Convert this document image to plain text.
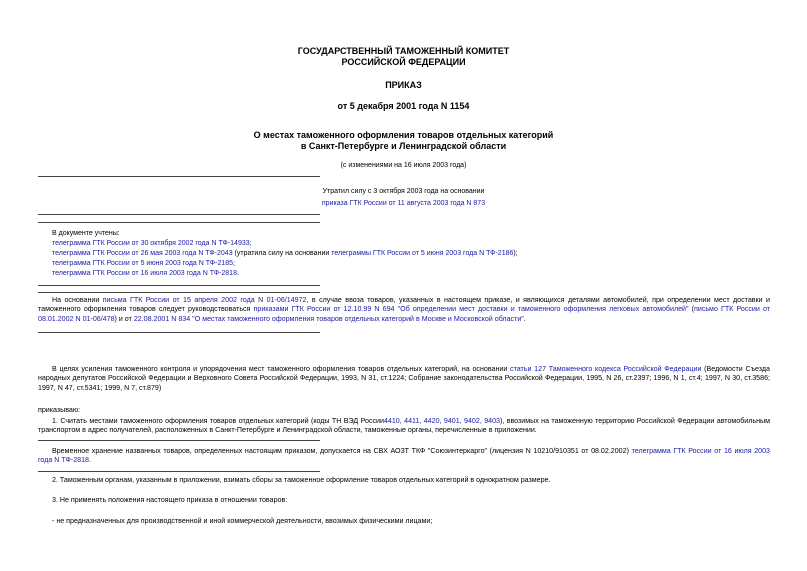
ГОСУДАРСТВЕННЫЙ ТАМОЖЕННЫЙ КОМИТЕТ
РОССИЙСКОЙ ФЕДЕРАЦИИ
ПРИКАЗ
от 5 декабря 2001 года N 1154
О местах таможенного оформления товаров отдельных категорий
в Санкт-Петербурге и Ленинградской области
(с изменениями на 16 июля 2003 года)
Утратил силу с 3 октября 2003 года на основании
приказа ГТК России от 11 августа 2003 года N 873
В документе учтены:
телеграмма ГТК России от 30 октября 2002 года N ТФ-14933;
телеграмма ГТК России от 26 мая 2003 года N ТФ-2043 (утратила силу на основании телеграммы ГТК России от 5 июня 2003 года N ТФ-2186);
телеграмма ГТК России от 5 июня 2003 года N ТФ-2185;
телеграмма ГТК России от 16 июля 2003 года N ТФ-2818.
На основании письма ГТК России от 15 апреля 2002 года N 01-06/14972, в случае ввоза товаров, указанных в настоящем приказе, и являющихся деталями автомобилей, при определении мест доставки и таможенного оформления товаров следует руководствоваться приказами ГТК России от 12.10.99 N 694 "Об определении мест доставки и таможенного оформления легковых автомобилей" (письмо ГТК России от 08.01.2002 N 01-06/478) и от 22.08.2001 N 834 "О местах таможенного оформления товаров отдельных категорий в Москве и Московской области".
В целях усиления таможенного контроля и упорядочения мест таможенного оформления товаров отдельных категорий, на основании статьи 127 Таможенного кодекса Российской Федерации (Ведомости Съезда народных депутатов Российской Федерации и Верховного Совета Российской Федерации, 1993, N 31, ст.1224; Собрание законодательства Российской Федерации, 1995, N 26, ст.2397; 1996, N 1, ст.4; 1997, N 30, ст.3586; 1997, N 47, ст.5341; 1999, N 7, ст.879)
приказываю:
1. Считать местами таможенного оформления товаров отдельных категорий (коды ТН ВЭД России4410, 4411, 4420, 9401, 9402, 9403), ввозимых на таможенную территорию Российской Федерации автомобильным транспортом в адрес получателей, расположенных в Санкт-Петербурге и Ленинградской области, таможенные органы, перечисленные в приложении.
Временное хранение названных товаров, определенных настоящим приказом, допускается на СВХ АОЗТ ТКФ "Союзинтеркарго" (лицензия N 10210/910351 от 08.02.2002) телеграмма ГТК России от 16 июля 2003 года N ТФ-2818.
2. Таможенным органам, указанным в приложении, взимать сборы за таможенное оформление товаров отдельных категорий в однократном размере.
3. Не применять положения настоящего приказа в отношении товаров:
- не предназначенных для производственной и иной коммерческой деятельности, ввозимых физическими лицами;
